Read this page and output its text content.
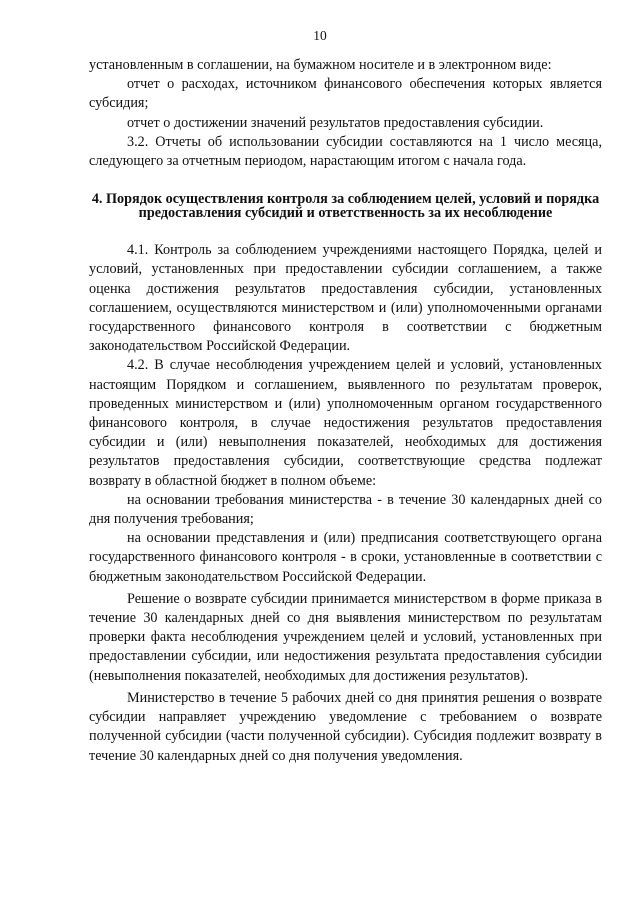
10

установленным в соглашении, на бумажном носителе и в электронном виде:

отчет о расходах, источником финансового обеспечения которых является субсидия;

отчет о достижении значений результатов предоставления субсидии.

3.2. Отчеты об использовании субсидии составляются на 1 число месяца, следующего за отчетным периодом, нарастающим итогом с начала года.

4. Порядок осуществления контроля за соблюдением целей, условий и порядка предоставления субсидий и ответственность за их несоблюдение

4.1. Контроль за соблюдением учреждениями настоящего Порядка, целей и условий, установленных при предоставлении субсидии соглашением, а также оценка достижения результатов предоставления субсидии, установленных соглашением, осуществляются министерством и (или) уполномоченными органами государственного финансового контроля в соответствии с бюджетным законодательством Российской Федерации.

4.2. В случае несоблюдения учреждением целей и условий, установленных настоящим Порядком и соглашением, выявленного по результатам проверок, проведенных министерством и (или) уполномоченным органом государственного финансового контроля, в случае недостижения результатов предоставления субсидии и (или) невыполнения показателей, необходимых для достижения результатов предоставления субсидии, соответствующие средства подлежат возврату в областной бюджет в полном объеме:

на основании требования министерства - в течение 30 календарных дней со дня получения требования;

на основании представления и (или) предписания соответствующего органа государственного финансового контроля - в сроки, установленные в соответствии с бюджетным законодательством Российской Федерации.

Решение о возврате субсидии принимается министерством в форме приказа в течение 30 календарных дней со дня выявления министерством по результатам проверки факта несоблюдения учреждением целей и условий, установленных при предоставлении субсидии, или недостижения результата предоставления субсидии (невыполнения показателей, необходимых для достижения результатов).

Министерство в течение 5 рабочих дней со дня принятия решения о возврате субсидии направляет учреждению уведомление с требованием о возврате полученной субсидии (части полученной субсидии). Субсидия подлежит возврату в течение 30 календарных дней со дня получения уведомления.
